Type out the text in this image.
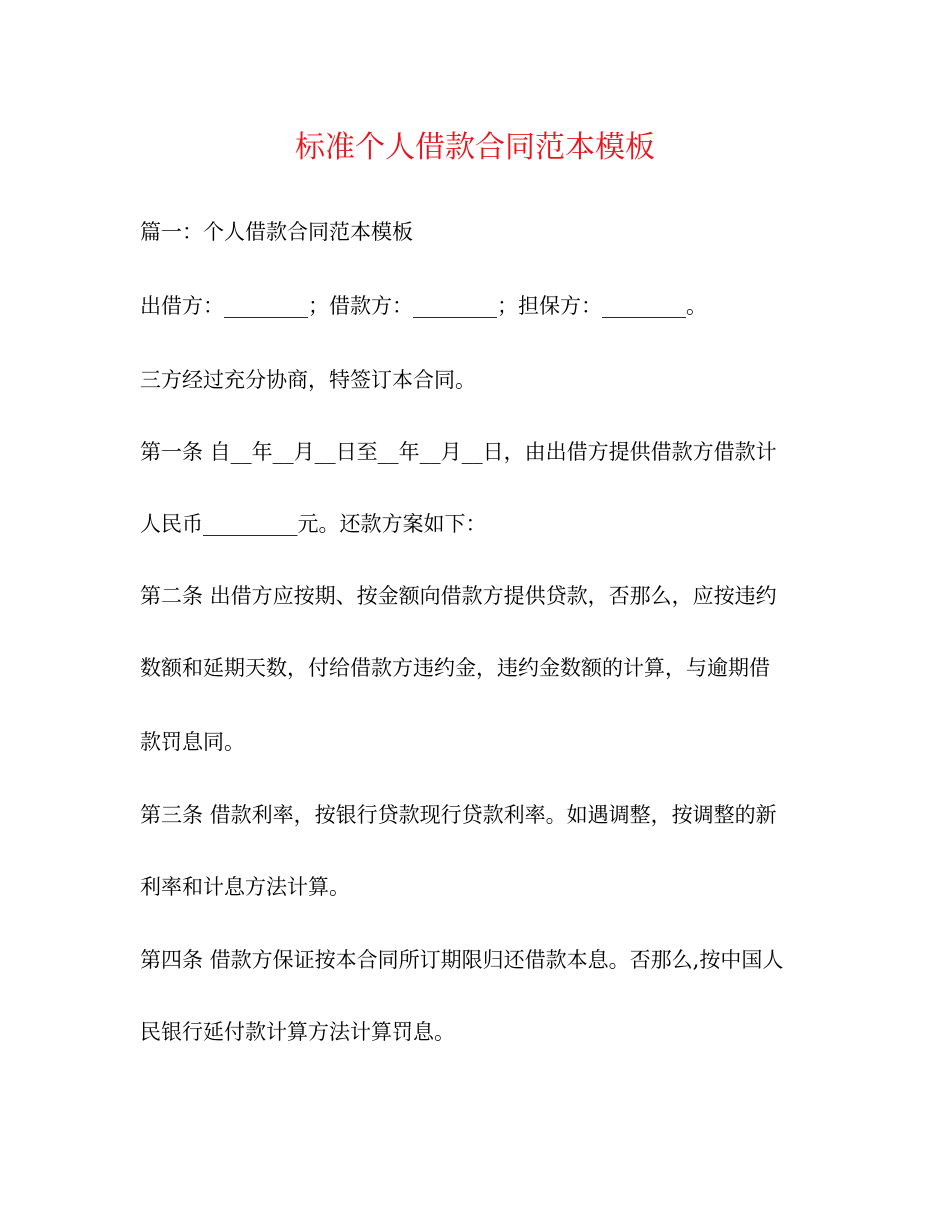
标准个人借款合同范本模板
篇一：个人借款合同范本模板
出借方：________；借款方：________；担保方：________。
三方经过充分协商，特签订本合同。
第一条 自__年__月__日至__年__月__日，由出借方提供借款方借款计
人民币_________元。还款方案如下：
第二条 出借方应按期、按金额向借款方提供贷款，否那么，应按违约
数额和延期天数，付给借款方违约金，违约金数额的计算，与逾期借
款罚息同。
第三条 借款利率，按银行贷款现行贷款利率。如遇调整，按调整的新
利率和计息方法计算。
第四条 借款方保证按本合同所订期限归还借款本息。否那么,按中国人
民银行延付款计算方法计算罚息。
